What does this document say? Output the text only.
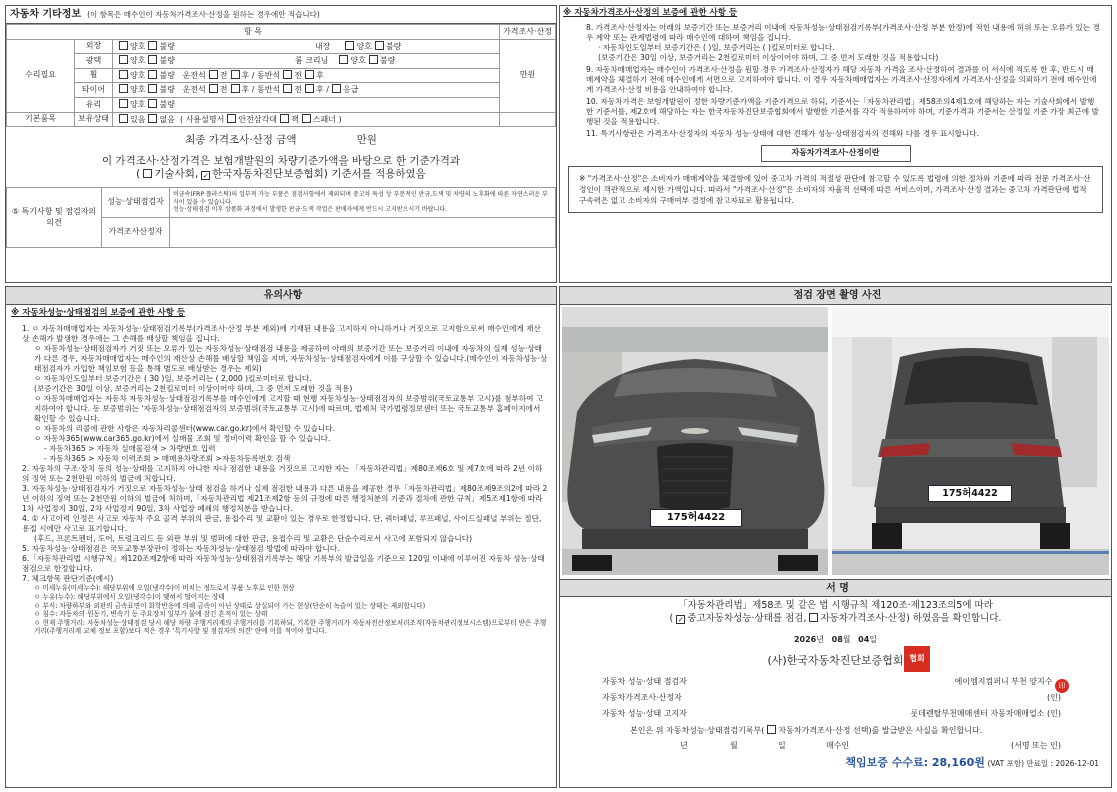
자동차 기타정보 (이 항목은 매수인이 자동차가격조사·산정을 원하는 경우에만 적습니다)
항 목			가격조사·산정
수리필요	외장	양호 불량 내장 양호 불량	만원
	광택	양호 불량 룸 크리닝 양호 불량	
	휠	양호 불량 운전석 전 후 / 동반석 전 후	
	타이어	양호 불량 운전석 전 후 / 동반석 전 후 / 응급	
	유리	양호 불량	
기본품목	보유상태	있음 없음 ( 사용설명서 안전삼각대 잭 스패너 )	
최종 가격조사·산정 금액	만원
이 가격조사·산정가격은 보험개발원의 차량기준가액을 바탕으로 한 기준가격과
( 기술사회, ✓ 한국자동차진단보증협회) 기준서를 적용하였음
⑤ 특기사항 및 점검자의 의견	성능·상태점검자	비금속(FRP 플라스틱)의 일부적 가능 부품은 점검사항에서 제외되며 중고차 특성 상 부분적인 판금,도색 및 차량의 노후화에 따른 자연스러운 부식이 있을 수 있습니다.
성능·상태점검 이후 상품화 과정에서 발생한 판금·도색 작업은 판매자에게 반드시 고지받으시기 바랍니다.

	가격조사산정자	
※ 자동차가격조사·산정의 보증에 관한 사항 등

8. 가격조사·산정자는 아래의 보증기간 또는 보증거리 이내에 자동차성능·상태점검기록부(가격조사·산정 부분 한정)에 적힌 내용에 허위 또는 오류가 있는 경우 계약 또는 관계법령에 따라 매수인에 대하여 책임을 집니다.

· 자동차인도일부터 보증기간은 ( )일, 보증거리는 ( )킬로미터로 합니다.

(보증기간은 30일 이상, 보증거리는 2천킬로미터 이상이어야 하며, 그 중 먼저 도래한 것을 적용합니다)

9. 자동차매매업자는 매수인이 가격조사·산정을 원할 경우 가격조사·산정자가 해당 자동차 가격을 조사·산정하여 결과를 이 서식에 적도록 한 후, 반드시 매매계약을 체결하기 전에 매수인에게 서면으로 고지하여야 합니다. 이 경우 자동차매매업자는 가격조사·산정자에게 가격조사·산정을 의뢰하기 전에 매수인에게 가격조사·산정 비용을 안내하여야 합니다.

10. 자동차가격은 보험개발원이 정한 차량기준가액을 기준가격으로 하되, 기준서는「자동차관리법」제58조의4제1호에 해당하는 자는 기술사회에서 발행한 기준서를, 제2호에 해당하는 자는 한국자동차진단보증협회에서 발행한 기준서를 각각 적용하여야 하며, 기준가격과 기준서는 산정일 기준 가장 최근에 발행된 것을 적용합니다.

11. 특기사항란은 가격조사·산정자의 자동차 성능·상태에 대한 견해가 성능·상태점검자의 견해와 다를 경우 표시합니다.

자동차가격조사·산정이란
※ "가격조사·산정"은 소비자가 매매계약을 체결함에 있어 중고차 가격의 적절성 판단에 참고할 수 있도록 법령에 의한 절차와 기준에 따라 전문 가격조사·산정인이 객관적으로 제시한 가액입니다. 따라서 "가격조사·산정"은 소비자의 자율적 선택에 따른 서비스이며, 가격조사·산정 결과는 중고차 가격판단에 법적 구속력은 없고 소비자의 구매여부 결정에 참고자료로 활용됩니다.
유의사항
※ 자동차성능·상태점검의 보증에 관한 사항 등

1. ㅇ 자동차매매업자는 자동차성능·상태점검기록부(가격조사·산정 부분 제외)에 기재된 내용을 고지하지 아니하거나 거짓으로 고지함으로써 매수인에게 재산상 손해가 발생한 경우에는 그 손해를 배상할 책임을 집니다.

ㅇ 자동차성능·상태점검자가 거짓 또는 오류가 있는 자동차성능·상태점검 내용을 제공하여 아래의 보증기간 또는 보증거리 이내에 자동차의 실제 성능·상태가 다른 경우, 자동차매매업자는 매수인의 재산상 손해를 배상할 책임을 지며, 자동차성능·상태점검자에게 이를 구상할 수 있습니다.(매수인이 자동차성능·상태점검자가 가입한 책임보험 등을 통해 별도로 배상받는 경우는 제외)

ㅇ 자동차인도일부터 보증기간은 ( 30 )일, 보증거리는 ( 2,000 )킬로미터로 합니다.

(보증기간은 30일 이상, 보증거리는 2천킬로미터 이상이어야 하며, 그 중 먼저 도래한 것을 적용)

ㅇ 자동차매매업자는 자동차 자동차성능·상태점검기록부를 매수인에게 고지할 때 현행 자동차성능·상태점검자의 보증범위(국토교통부 고시)를 첨부하여 고지하여야 합니다. 동 보증범위는 '자동차성능·상태점검자의 보증범위(국토교통부 고시)에 따르며, 법제처 국가법령정보센터 또는 국토교통부 홈페이지에서 확인할 수 있습니다.

ㅇ 자동차의 리콜에 관한 사항은 자동차리콜센터(www.car.go.kr)에서 확인할 수 있습니다.

ㅇ 자동차365(www.car365.go.kr)에서 실매물 조회 및 정비이력 확인을 할 수 있습니다.

- 자동차365 > 자동차 실매물검색 > 차량번호 입력

- 자동차365 > 자동차 이력조회 > 매매용차량조회 >자동차등록번호 검색

2. 자동차의 구조·장치 등의 성능·상태를 고지하지 아니한 자나 점검한 내용을 거짓으로 고지한 자는 「자동차관리법」제80조제6호 및 제7호에 따라 2년 이하의 징역 또는 2천만원 이하의 벌금에 처합니다.

3. 자동차성능·상태점검자가 거짓으로 자동차성능·상태 점검을 하거나 실제 점검한 내용과 다른 내용을 제공한 경우「자동차관리법」제80조제9조의2에 따라 2년 이하의 징역 또는 2천만원 이하의 벌금에 처하며,「자동차관리법 제21조제2항 등의 규정에 따른 행정처분의 기준과 절차에 관한 규칙」제5조제1항에 따라 1차 사업정지 30일, 2차 사업정지 90일, 3차 사업장 폐쇄의 행정처분을 받습니다.

4. ① 사고이력 인정은 사고로 자동차 주요 골격 부위의 판금, 용접수리 및 교환이 있는 경우로 한정합니다. 단, 쿼터패널, 루프패널, 사이드실패널 부위는 절단, 용접 시에만 사고로 표기합니다.

(후드, 프론트펜더, 도어, 트렁크리드 등 외판 부위 및 범퍼에 대한 판금, 용접수리 및 교환은 단순수리로서 사고에 포함되지 않습니다)

5. 자동차성능·상태점검은 국토교통부장관이 정하는 자동차성능·상태점검 방법에 따라야 합니다.

6.「자동차관리법 시행규칙」제120조제2항에 따라 자동차성능·상태점검기록부는 해당 기록부의 발급일을 기준으로 120일 이내에 이루어진 자동차 성능·상태점검으로 한정합니다.

7. 체크항목 판단기준(예시)

ㅇ 미세누유(미세누수): 해당부위에 오일(냉각수)이 비치는 정도로서 부품 노후로 인한 현상

ㅇ 누유(누수): 해당부위에서 오일(냉각수)이 맺혀서 떨어지는 상태

ㅇ 부식: 차량하부와 외판의 금속표면이 화학반응에 의해 금속이 아닌 상태로 상실되어 가는 현상(단순히 녹슬어 있는 상태는 제외합니다)

ㅇ 침수: 자동차의 원동기, 변속기 등 주요장치 일부가 물에 잠긴 흔적이 있는 상태

ㅇ 현재 주행거리: 자동차성능·상태점검 당시 해당 차량 주행거리계의 주행거리를 기록하되, 기록한 주행거리가 자동차전산정보처리조직(자동차관리정보시스템)으로부터 받은 주행거리(주행거리계 교체 정보 포함)보다 적은 경우 '특기사항 및 점검자의 의견' 란에 이를 적어야 합니다.

점검 장면 촬영 사진
175허4422
175허4422
서 명
「자동차관리법」제58조 및 같은 법 시행규칙 제120조·제123조의5에 따라
( ✓ 중고자동차성능·상태를 점검, 자동차가격조사·산정) 하였음을 확인합니다.
2026년 08월 04일
(사)한국자동차진단보증협회 협회
자동차 성능·상태 점검자	에이엠지컴퍼니 부천 양지수 印
자동차가격조사·산정자	(인)
자동차 성능·상태 고지자	롯데렌탈부천매매센터 자동차매매업소 (인)
본인은 위 자동차성능·상태점검기록부( 자동차가격조사·산정 선택)를 발급받은 사실을 확인합니다.
년	월	일	매수인	(서명 또는 인)
책임보증 수수료: 28,160원 (VAT 포함) 만료일 : 2026-12-01
